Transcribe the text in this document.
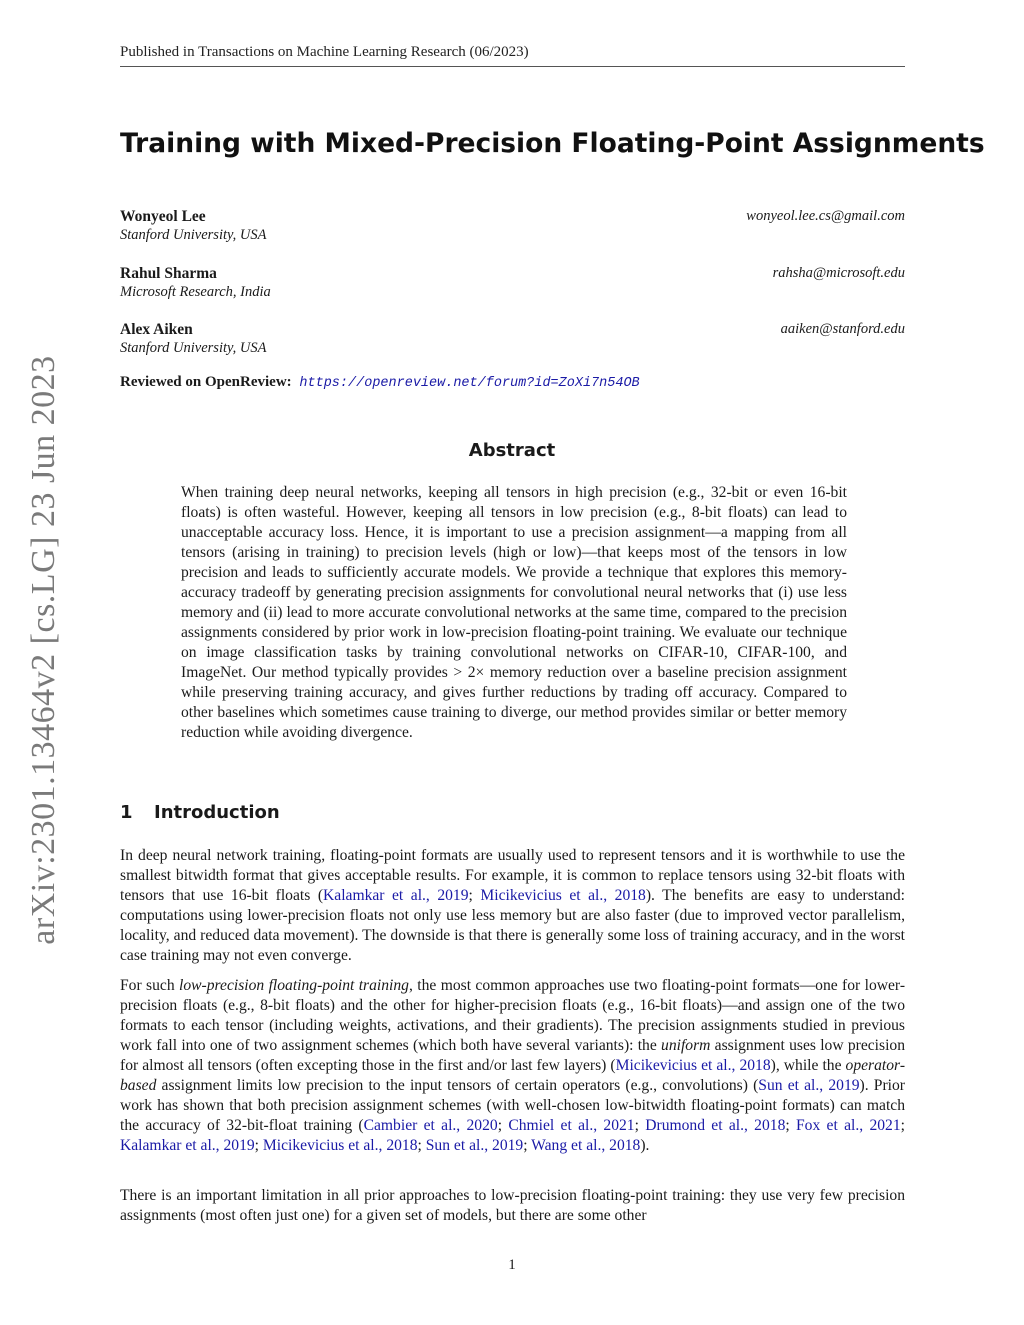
Published in Transactions on Machine Learning Research (06/2023)
arXiv:2301.13464v2 [cs.LG] 23 Jun 2023
Training with Mixed-Precision Floating-Point Assignments
Wonyeol Lee	wonyeol.lee.cs@gmail.com
Stanford University, USA
Rahul Sharma	rahsha@microsoft.edu
Microsoft Research, India
Alex Aiken	aaiken@stanford.edu
Stanford University, USA
Reviewed on OpenReview: https://openreview.net/forum?id=ZoXi7n54OB
Abstract
When training deep neural networks, keeping all tensors in high precision (e.g., 32-bit or even 16-bit floats) is often wasteful. However, keeping all tensors in low precision (e.g., 8-bit floats) can lead to unacceptable accuracy loss. Hence, it is important to use a precision assignment—a mapping from all tensors (arising in training) to precision levels (high or low)—that keeps most of the tensors in low precision and leads to sufficiently accurate models. We provide a technique that explores this memory-accuracy tradeoff by generating precision assignments for convolutional neural networks that (i) use less memory and (ii) lead to more accurate convolutional networks at the same time, compared to the precision assignments considered by prior work in low-precision floating-point training. We evaluate our technique on image classification tasks by training convolutional networks on CIFAR-10, CIFAR-100, and ImageNet. Our method typically provides > 2× memory reduction over a baseline precision assignment while preserving training accuracy, and gives further reductions by trading off accuracy. Compared to other baselines which sometimes cause training to diverge, our method provides similar or better memory reduction while avoiding divergence.
1 Introduction
In deep neural network training, floating-point formats are usually used to represent tensors and it is worthwhile to use the smallest bitwidth format that gives acceptable results. For example, it is common to replace tensors using 32-bit floats with tensors that use 16-bit floats (Kalamkar et al., 2019; Micikevicius et al., 2018). The benefits are easy to understand: computations using lower-precision floats not only use less memory but are also faster (due to improved vector parallelism, locality, and reduced data movement). The downside is that there is generally some loss of training accuracy, and in the worst case training may not even converge.
For such low-precision floating-point training, the most common approaches use two floating-point formats—one for lower-precision floats (e.g., 8-bit floats) and the other for higher-precision floats (e.g., 16-bit floats)—and assign one of the two formats to each tensor (including weights, activations, and their gradients). The precision assignments studied in previous work fall into one of two assignment schemes (which both have several variants): the uniform assignment uses low precision for almost all tensors (often excepting those in the first and/or last few layers) (Micikevicius et al., 2018), while the operator-based assignment limits low precision to the input tensors of certain operators (e.g., convolutions) (Sun et al., 2019). Prior work has shown that both precision assignment schemes (with well-chosen low-bitwidth floating-point formats) can match the accuracy of 32-bit-float training (Cambier et al., 2020; Chmiel et al., 2021; Drumond et al., 2018; Fox et al., 2021; Kalamkar et al., 2019; Micikevicius et al., 2018; Sun et al., 2019; Wang et al., 2018).
There is an important limitation in all prior approaches to low-precision floating-point training: they use very few precision assignments (most often just one) for a given set of models, but there are some other
1
